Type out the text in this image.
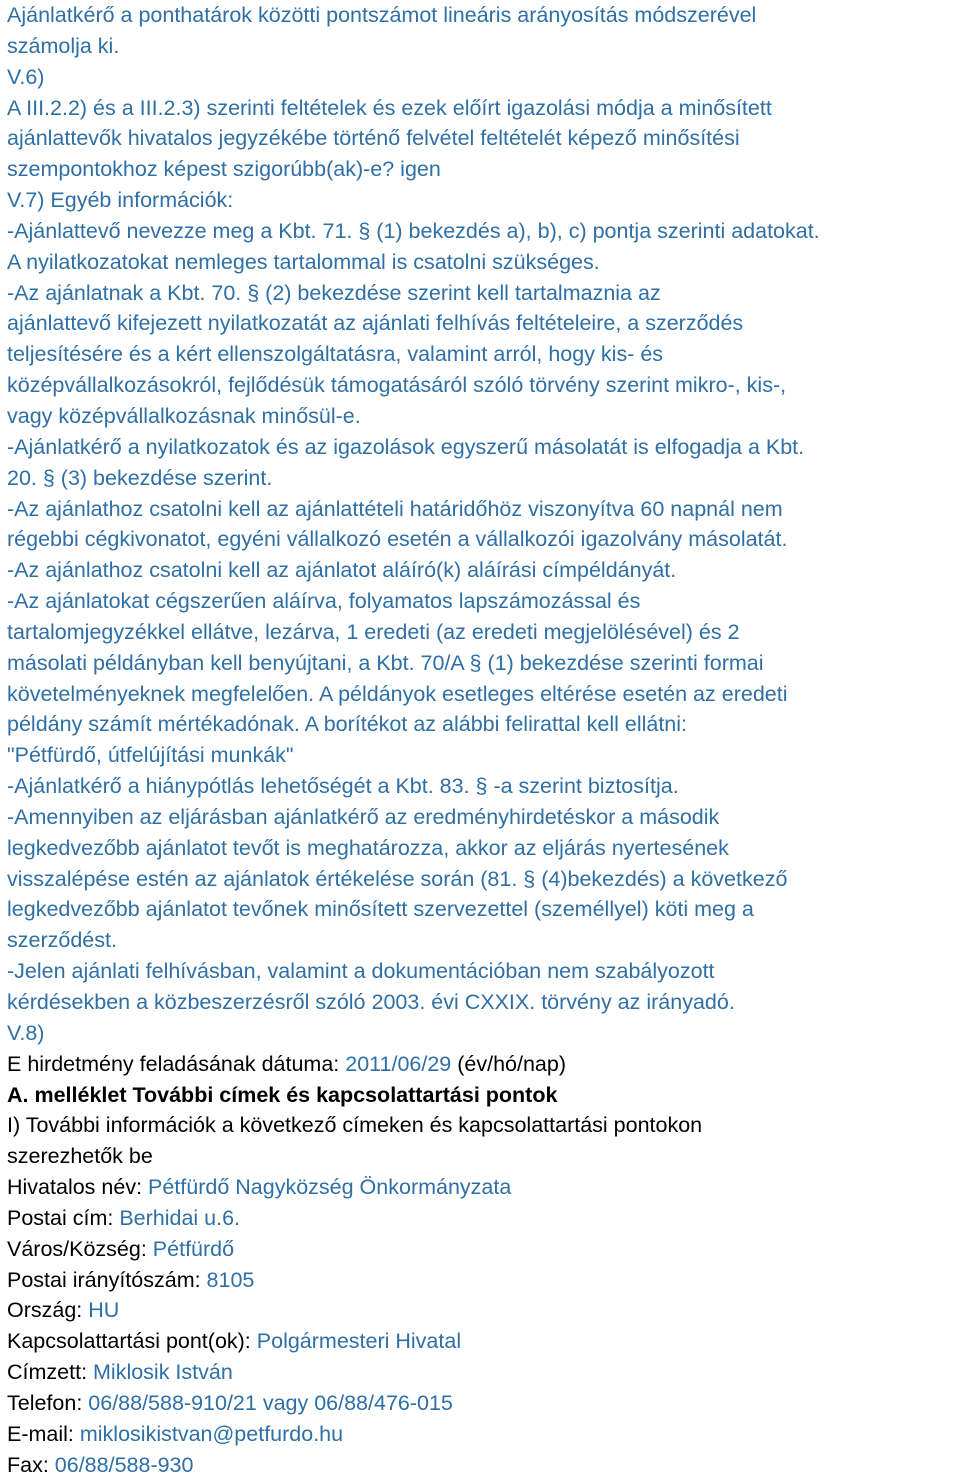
Ajánlatkérő a ponthatárok közötti pontszámot lineáris arányosítás módszerével
számolja ki.
V.6)
A III.2.2) és a III.2.3) szerinti feltételek és ezek előírt igazolási módja a minősített
ajánlattevők hivatalos jegyzékébe történő felvétel feltételét képező minősítési
szempontokhoz képest szigorúbb(ak)-e? igen
V.7) Egyéb információk:
-Ajánlattevő nevezze meg a Kbt. 71. § (1) bekezdés a), b), c) pontja szerinti adatokat.
A nyilatkozatokat nemleges tartalommal is csatolni szükséges.
-Az ajánlatnak a Kbt. 70. § (2) bekezdése szerint kell tartalmaznia az
ajánlattevő kifejezett nyilatkozatát az ajánlati felhívás feltételeire, a szerződés
teljesítésére és a kért ellenszolgáltatásra, valamint arról, hogy kis- és
középvállalkozásokról, fejlődésük támogatásáról szóló törvény szerint mikro-, kis-,
vagy középvállalkozásnak minősül-e.
-Ajánlatkérő a nyilatkozatok és az igazolások egyszerű másolatát is elfogadja a Kbt.
20. § (3) bekezdése szerint.
-Az ajánlathoz csatolni kell az ajánlattételi határidőhöz viszonyítva 60 napnál nem
régebbi cégkivonatot, egyéni vállalkozó esetén a vállalkozói igazolvány másolatát.
-Az ajánlathoz csatolni kell az ajánlatot aláíró(k) aláírási címpéldányát.
-Az ajánlatokat cégszerűen aláírva, folyamatos lapszámozással és
tartalomjegyzékkel ellátve, lezárva, 1 eredeti (az eredeti megjelölésével) és 2
másolati példányban kell benyújtani, a Kbt. 70/A § (1) bekezdése szerinti formai
követelményeknek megfelelően. A példányok esetleges eltérése esetén az eredeti
példány számít mértékadónak. A borítékot az alábbi felirattal kell ellátni:
"Pétfürdő, útfelújítási munkák"
-Ajánlatkérő a hiánypótlás lehetőségét a Kbt. 83. § -a szerint biztosítja.
-Amennyiben az eljárásban ajánlatkérő az eredményhirdetéskor a második
legkedvezőbb ajánlatot tevőt is meghatározza, akkor az eljárás nyertesének
visszalépése estén az ajánlatok értékelése során (81. § (4)bekezdés) a következő
legkedvezőbb ajánlatot tevőnek minősített szervezettel (személlyel) köti meg a
szerződést.
-Jelen ajánlati felhívásban, valamint a dokumentációban nem szabályozott
kérdésekben a közbeszerzésről szóló 2003. évi CXXIX. törvény az irányadó.
V.8)
E hirdetmény feladásának dátuma: 2011/06/29 (év/hó/nap)
A. melléklet További címek és kapcsolattartási pontok
I) További információk a következő címeken és kapcsolattartási pontokon
szerezhetők be
Hivatalos név: Pétfürdő Nagyközség Önkormányzata
Postai cím: Berhidai u.6.
Város/Község: Pétfürdő
Postai irányítószám: 8105
Ország: HU
Kapcsolattartási pont(ok): Polgármesteri Hivatal
Címzett: Miklosik István
Telefon: 06/88/588-910/21 vagy 06/88/476-015
E-mail: miklosikistvan@petfurdo.hu
Fax: 06/88/588-930
